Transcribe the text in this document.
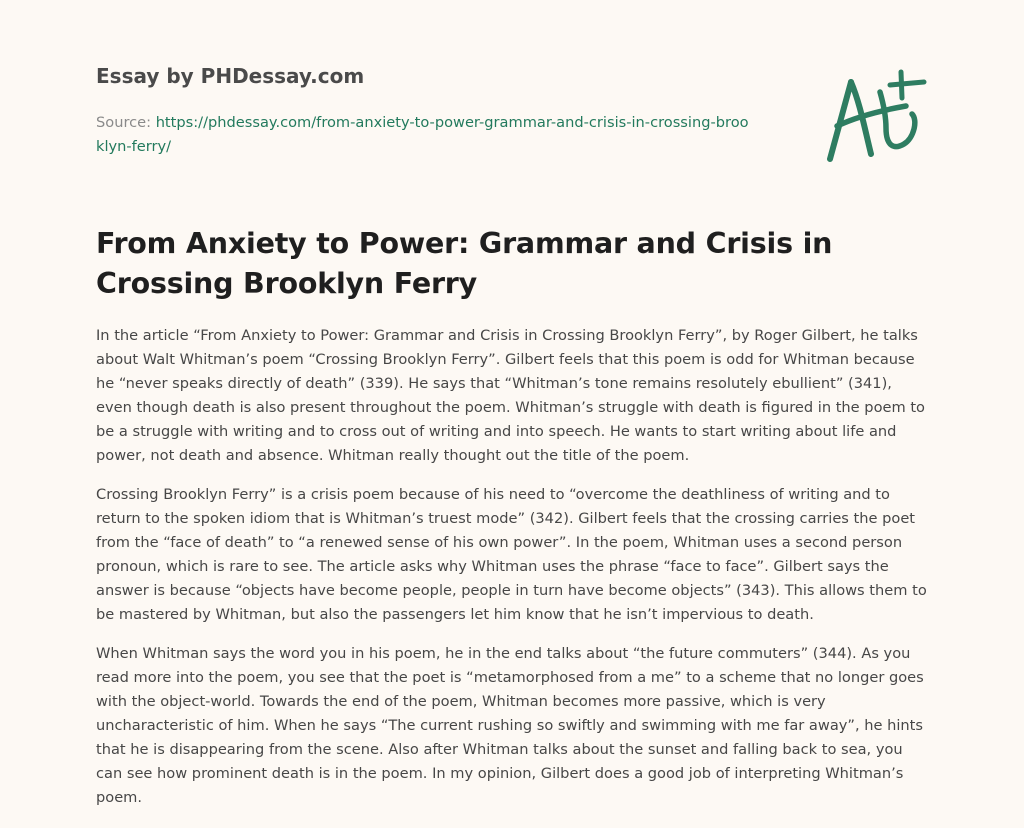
Essay by PHDessay.com
Source: https://phdessay.com/from-anxiety-to-power-grammar-and-crisis-in-crossing-brooklyn-ferry/
From Anxiety to Power: Grammar and Crisis in Crossing Brooklyn Ferry

In the article “From Anxiety to Power: Grammar and Crisis in Crossing Brooklyn Ferry”, by Roger Gilbert, he talks about Walt Whitman’s poem “Crossing Brooklyn Ferry”. Gilbert feels that this poem is odd for Whitman because he “never speaks directly of death” (339). He says that “Whitman’s tone remains resolutely ebullient” (341), even though death is also present throughout the poem. Whitman’s struggle with death is figured in the poem to be a struggle with writing and to cross out of writing and into speech. He wants to start writing about life and power, not death and absence. Whitman really thought out the title of the poem.

Crossing Brooklyn Ferry” is a crisis poem because of his need to “overcome the deathliness of writing and to return to the spoken idiom that is Whitman’s truest mode” (342). Gilbert feels that the crossing carries the poet from the “face of death” to “a renewed sense of his own power”. In the poem, Whitman uses a second person pronoun, which is rare to see. The article asks why Whitman uses the phrase “face to face”. Gilbert says the answer is because “objects have become people, people in turn have become objects” (343). This allows them to be mastered by Whitman, but also the passengers let him know that he isn’t impervious to death.

When Whitman says the word you in his poem, he in the end talks about “the future commuters” (344). As you read more into the poem, you see that the poet is “metamorphosed from a me” to a scheme that no longer goes with the object-world. Towards the end of the poem, Whitman becomes more passive, which is very uncharacteristic of him. When he says “The current rushing so swiftly and swimming with me far away”, he hints that he is disappearing from the scene. Also after Whitman talks about the sunset and falling back to sea, you can see how prominent death is in the poem. In my opinion, Gilbert does a good job of interpreting Whitman’s poem.
